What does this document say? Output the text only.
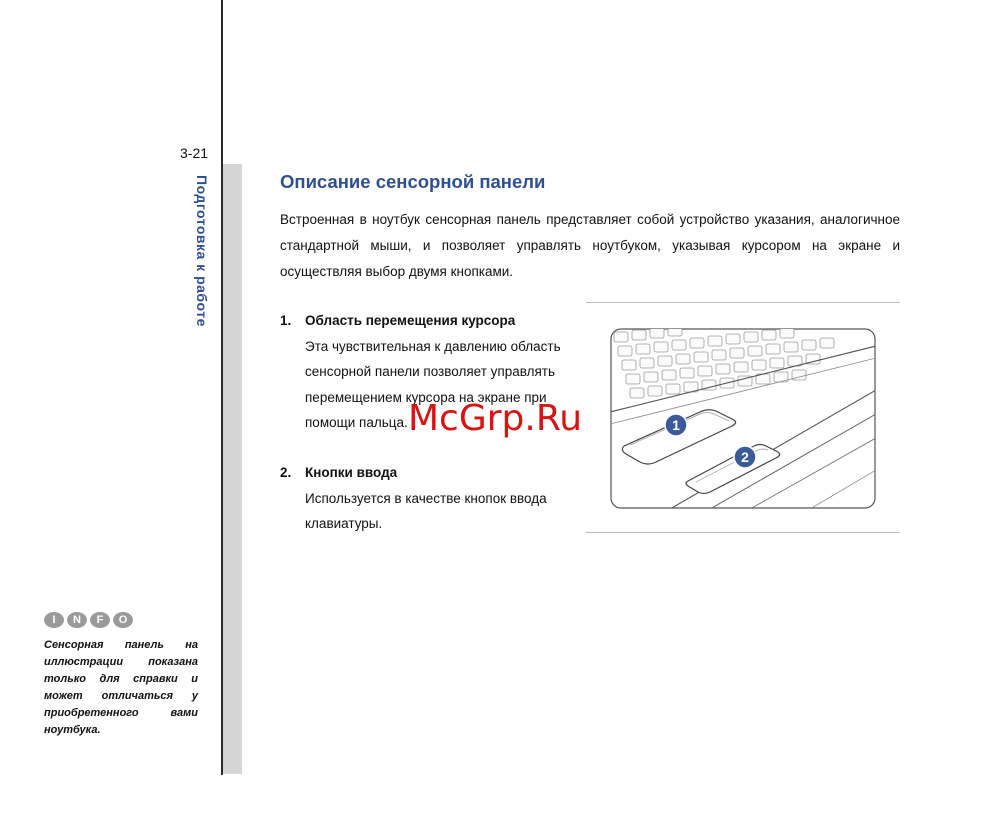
3-21
Подготовка к работе	Описание сенсорной панели

Встроенная в ноутбук сенсорная панель представляет собой устройство указания, аналогичное стандартной мыши, и позволяет управлять ноутбуком, указывая курсором на экране и осуществляя выбор двумя кнопками.

1. Область перемещения курсора
Эта чувствительная к давлению область сенсорной панели позволяет управлять перемещением курсора на экране при помощи пальца.
2. Кнопки ввода
Используется в качестве кнопок ввода клавиатуры.
1
2
I	N	F	O

Сенсорная панель на иллюстрации показана только для справки и может отличаться у приобретенного вами ноутбука.

McGrp.Ru
